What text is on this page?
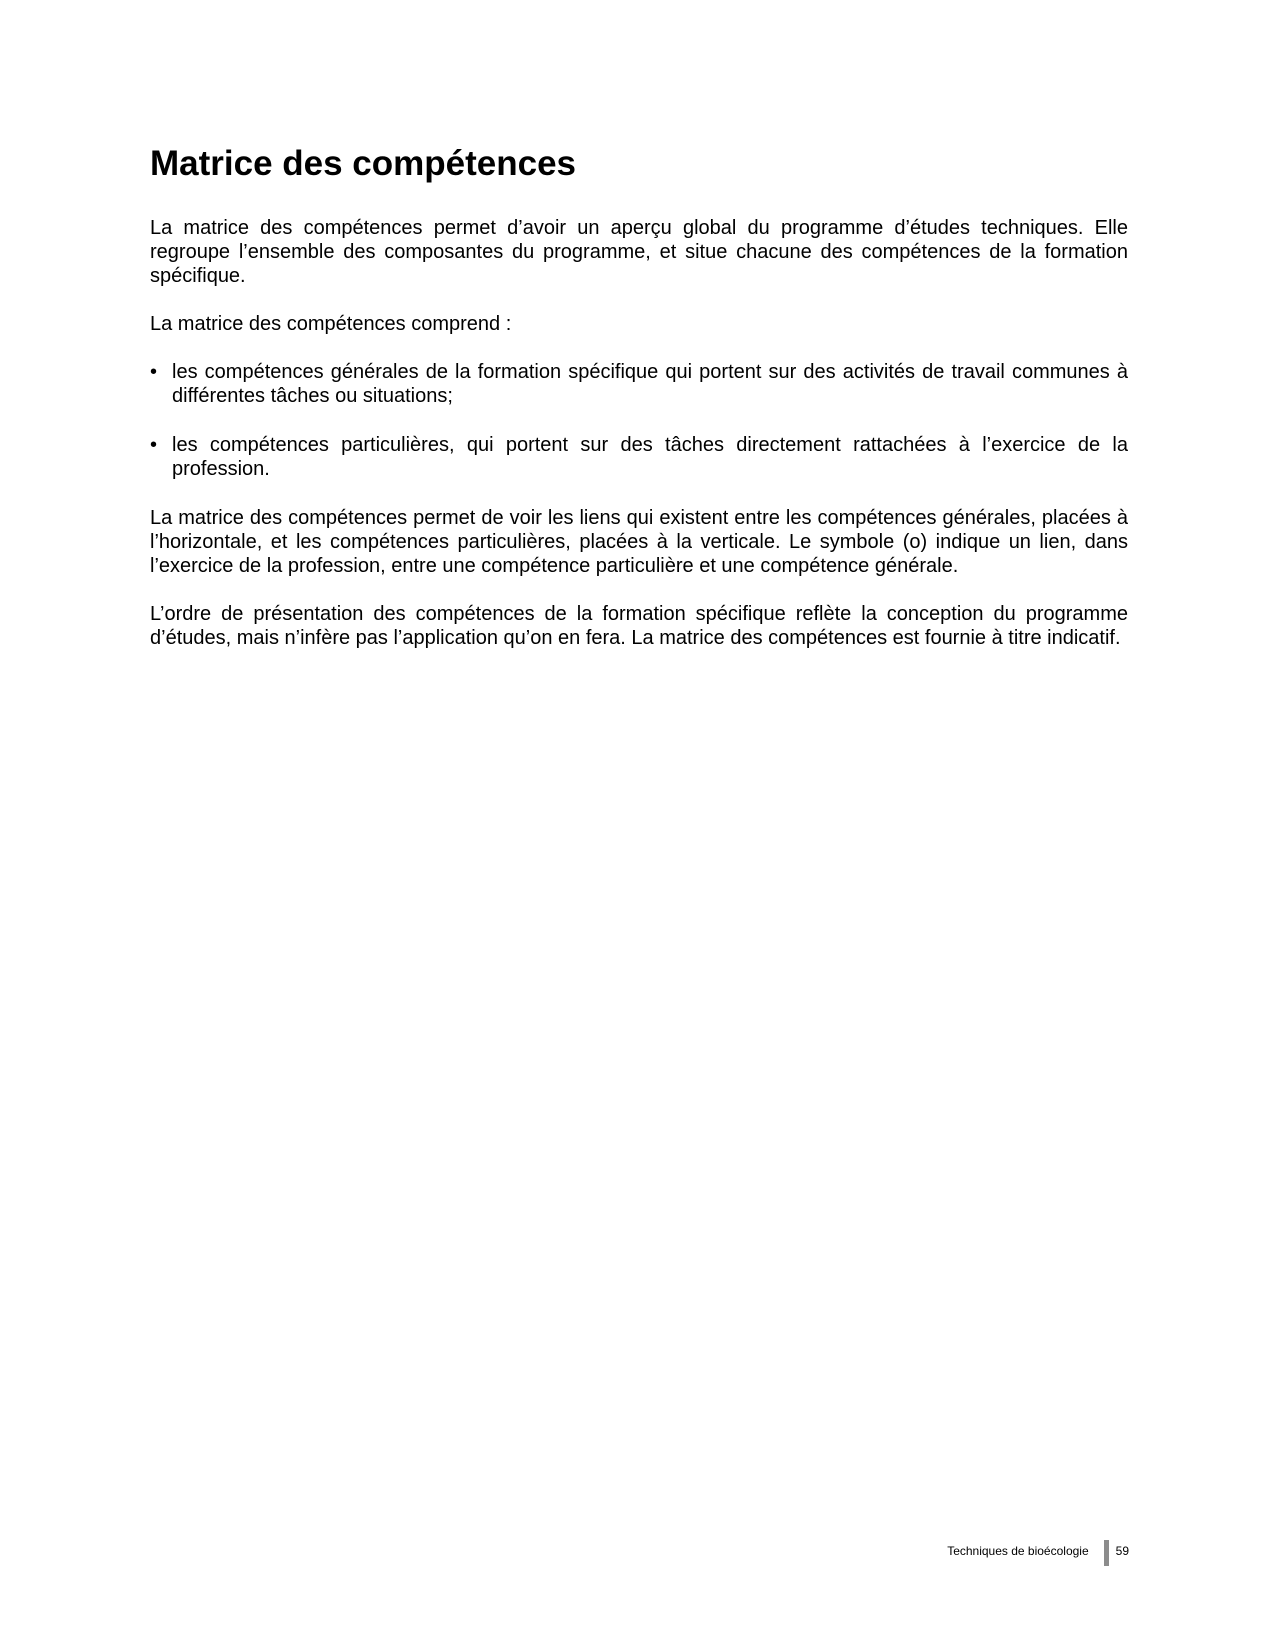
Matrice des compétences

La matrice des compétences permet d’avoir un aperçu global du programme d’études techniques. Elle regroupe l’ensemble des composantes du programme, et situe chacune des compétences de la formation spécifique.

La matrice des compétences comprend :

• les compétences générales de la formation spécifique qui portent sur des activités de travail communes à différentes tâches ou situations;
• les compétences particulières, qui portent sur des tâches directement rattachées à l’exercice de la profession.

La matrice des compétences permet de voir les liens qui existent entre les compétences générales, placées à l’horizontale, et les compétences particulières, placées à la verticale. Le symbole (o) indique un lien, dans l’exercice de la profession, entre une compétence particulière et une compétence générale.

L’ordre de présentation des compétences de la formation spécifique reflète la conception du programme d’études, mais n’infère pas l’application qu’on en fera. La matrice des compétences est fournie à titre indicatif.

Techniques de bioécologie 59
